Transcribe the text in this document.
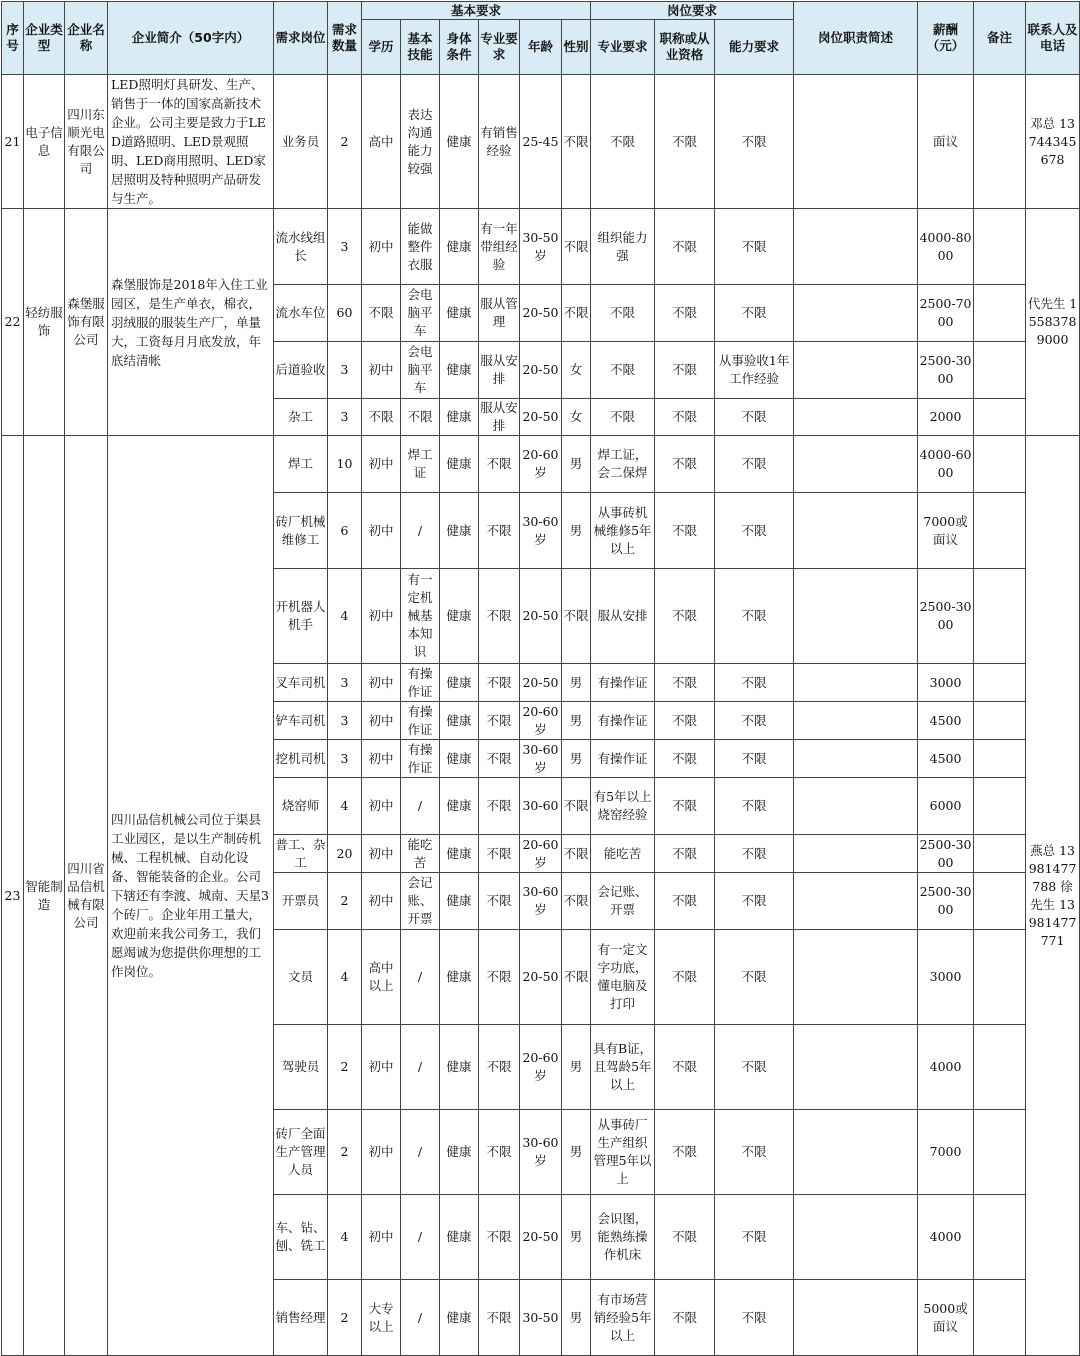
序号	企业类型	企业名称	企业简介（50字内）	需求岗位	需求数量	基本要求						岗位要求			岗位职责简述	薪酬（元）	备注	联系人及电话
						学历	基本技能	身体条件	专业要求	年龄	性别	专业要求	职称或从业资格	能力要求				
21	电子信息	四川东顺光电有限公司	LED照明灯具研发、生产、销售于一体的国家高新技术企业。公司主要是致力于LED道路照明、LED景观照明、LED商用照明、LED家居照明及特种照明产品研发与生产。	业务员	2	高中	表达沟通能力较强	健康	有销售经验	25-45	不限	不限	不限	不限		面议		邓总 13744345678
22	轻纺服饰	森堡服饰有限公司	森堡服饰是2018年入住工业园区，是生产单衣，棉衣，羽绒服的服装生产厂，单量大，工资每月月底发放，年底结清帐	流水线组长	3	初中	能做整件衣服	健康	有一年带组经验	30-50岁	不限	组织能力强	不限	不限		4000-8000		代先生 15583789000
				流水车位	60	不限	会电脑平车	健康	服从管理	20-50	不限	不限	不限	不限		2500-7000		
				后道验收	3	初中	会电脑平车	健康	服从安排	20-50	女	不限	不限	从事验收1年工作经验		2500-3000		
				杂工	3	不限	不限	健康	服从安排	20-50	女	不限	不限	不限		2000		
23	智能制造	四川省品信机械有限公司	四川品信机械公司位于渠县工业园区，是以生产制砖机械、工程机械、自动化设备、智能装备的企业。公司下辖还有李渡、城南、天星3个砖厂。企业年用工量大，欢迎前来我公司务工，我们愿竭诚为您提供你理想的工作岗位。	焊工	10	初中	焊工证	健康	不限	20-60岁	男	焊工证，会二保焊	不限	不限		4000-6000		燕总 13981477788 徐先生 13981477771
				砖厂机械维修工	6	初中	/	健康	不限	30-60岁	男	从事砖机械维修5年以上	不限	不限		7000或面议		
				开机器人机手	4	初中	有一定机械基本知识	健康	不限	20-50	不限	服从安排	不限	不限		2500-3000		
				叉车司机	3	初中	有操作证	健康	不限	20-50	男	有操作证	不限	不限		3000		
				铲车司机	3	初中	有操作证	健康	不限	20-60岁	男	有操作证	不限	不限		4500		
				挖机司机	3	初中	有操作证	健康	不限	30-60岁	男	有操作证	不限	不限		4500		
				烧窑师	4	初中	/	健康	不限	30-60	不限	有5年以上烧窑经验	不限	不限		6000		
				普工、杂工	20	初中	能吃苦	健康	不限	20-60岁	不限	能吃苦	不限	不限		2500-3000		
				开票员	2	初中	会记账、开票	健康	不限	30-60岁	不限	会记账、开票	不限	不限		2500-3000		
				文员	4	高中以上	/	健康	不限	20-50	不限	有一定文字功底，懂电脑及打印	不限	不限		3000		
				驾驶员	2	初中	/	健康	不限	20-60岁	男	具有B证，且驾龄5年以上	不限	不限		4000		
				砖厂全面生产管理人员	2	初中	/	健康	不限	30-60岁	男	从事砖厂生产组织管理5年以上	不限	不限		7000		
				车、钻、刨、铣工	4	初中	/	健康	不限	20-50	男	会识图，能熟练操作机床	不限	不限		4000		
				销售经理	2	大专以上	/	健康	不限	30-50	男	有市场营销经验5年以上	不限	不限		5000或面议		
